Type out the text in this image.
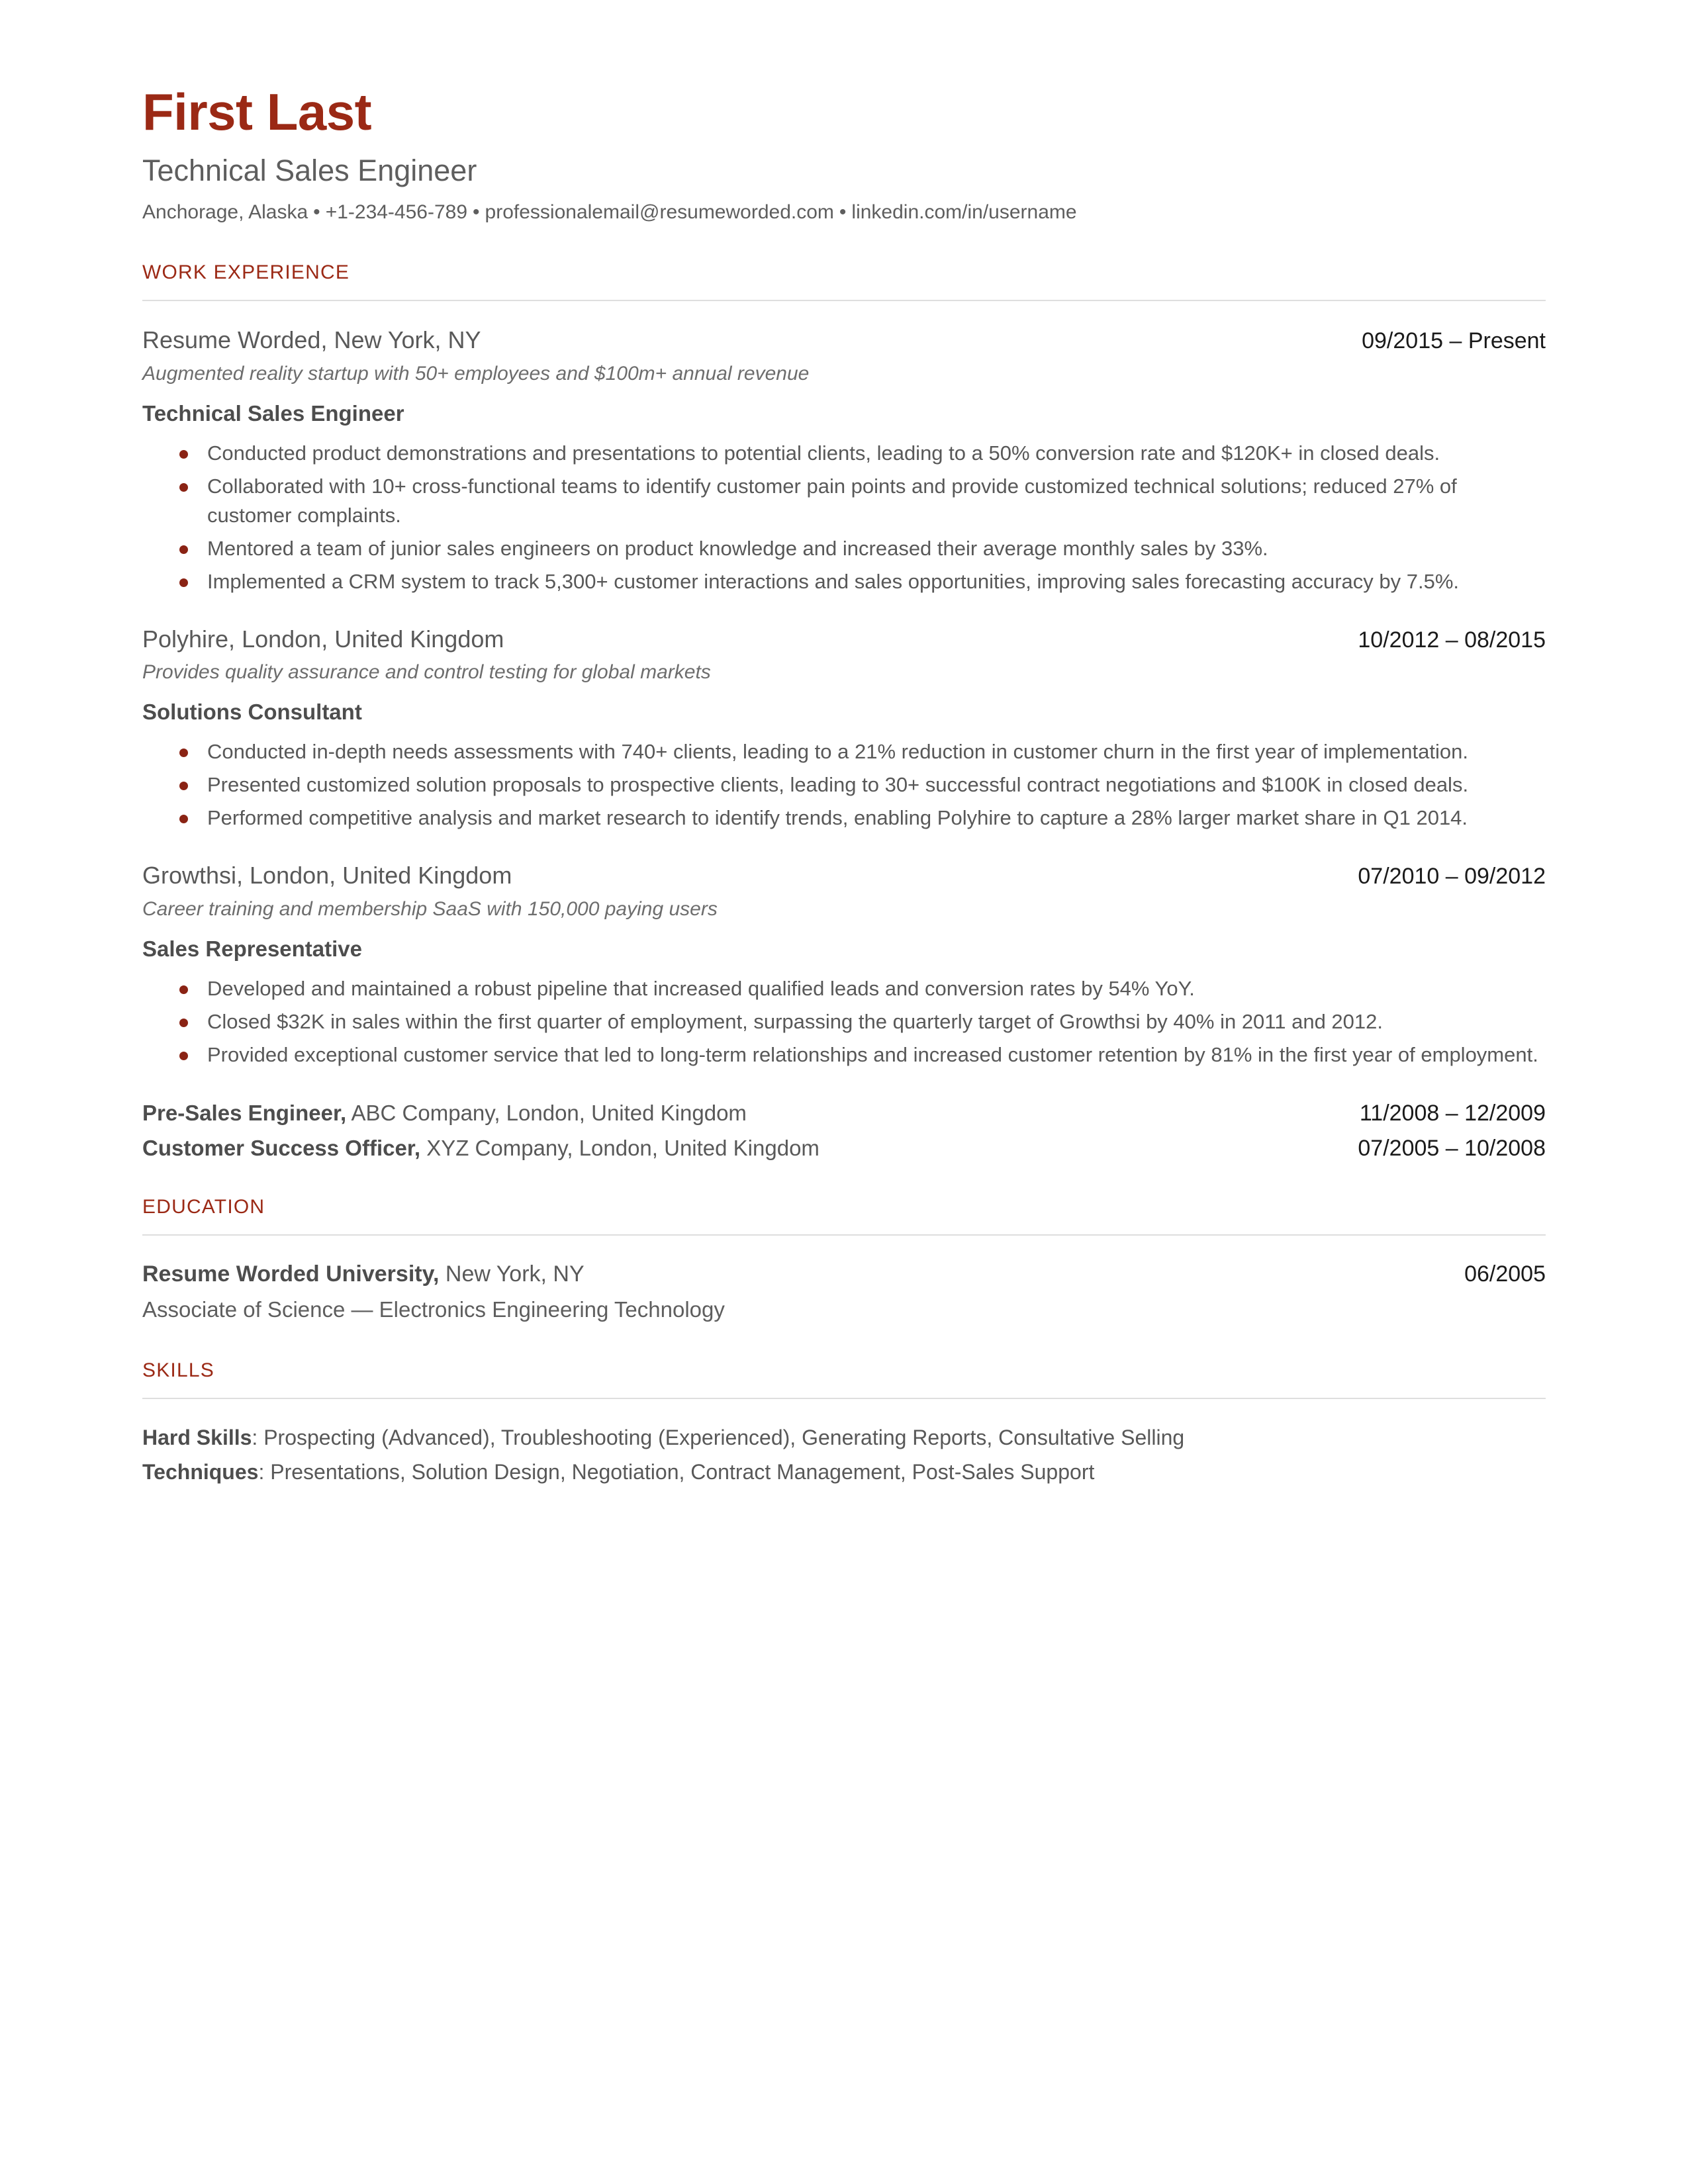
First Last
Technical Sales Engineer
Anchorage, Alaska • +1-234-456-789 • professionalemail@resumeworded.com • linkedin.com/in/username
WORK EXPERIENCE
Resume Worded, New York, NY	09/2015 – Present
Augmented reality startup with 50+ employees and $100m+ annual revenue
Technical Sales Engineer
Conducted product demonstrations and presentations to potential clients, leading to a 50% conversion rate and $120K+ in closed deals.
Collaborated with 10+ cross-functional teams to identify customer pain points and provide customized technical solutions; reduced 27% of customer complaints.
Mentored a team of junior sales engineers on product knowledge and increased their average monthly sales by 33%.
Implemented a CRM system to track 5,300+ customer interactions and sales opportunities, improving sales forecasting accuracy by 7.5%.
Polyhire, London, United Kingdom	10/2012 – 08/2015
Provides quality assurance and control testing for global markets
Solutions Consultant
Conducted in-depth needs assessments with 740+ clients, leading to a 21% reduction in customer churn in the first year of implementation.
Presented customized solution proposals to prospective clients, leading to 30+ successful contract negotiations and $100K in closed deals.
Performed competitive analysis and market research to identify trends, enabling Polyhire to capture a 28% larger market share in Q1 2014.
Growthsi, London, United Kingdom	07/2010 – 09/2012
Career training and membership SaaS with 150,000 paying users
Sales Representative
Developed and maintained a robust pipeline that increased qualified leads and conversion rates by 54% YoY.
Closed $32K in sales within the first quarter of employment, surpassing the quarterly target of Growthsi by 40% in 2011 and 2012.
Provided exceptional customer service that led to long-term relationships and increased customer retention by 81% in the first year of employment.
Pre-Sales Engineer, ABC Company, London, United Kingdom	11/2008 – 12/2009
Customer Success Officer, XYZ Company, London, United Kingdom	07/2005 – 10/2008
EDUCATION
Resume Worded University, New York, NY	06/2005
Associate of Science — Electronics Engineering Technology
SKILLS
Hard Skills: Prospecting (Advanced), Troubleshooting (Experienced), Generating Reports, Consultative Selling
Techniques: Presentations, Solution Design, Negotiation, Contract Management, Post-Sales Support
